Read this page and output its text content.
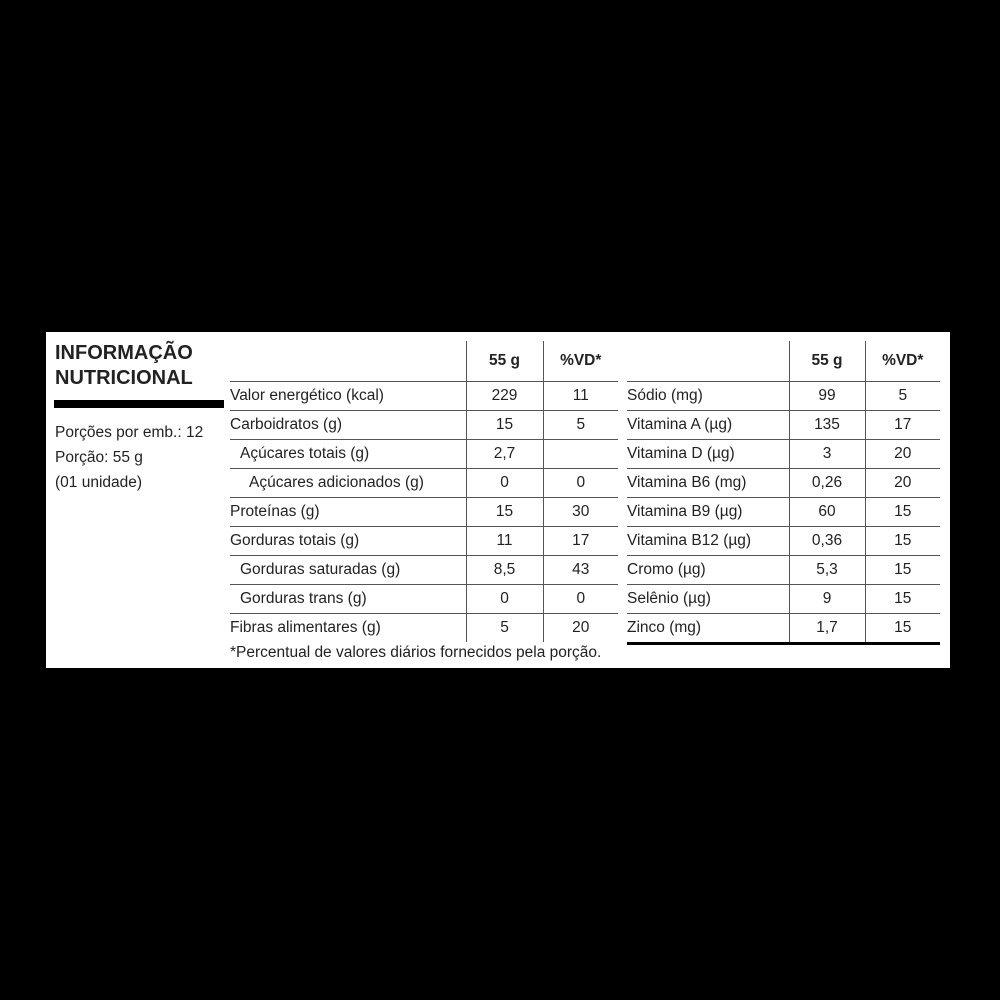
INFORMAÇÃO
NUTRICIONAL
Porções por emb.: 12
Porção: 55 g
(01 unidade)
	55 g	%VD*
Valor energético (kcal)	229	11
Carboidratos (g)	15	5
Açúcares totais (g)	2,7	
Açúcares adicionados (g)	0	0
Proteínas (g)	15	30
Gorduras totais (g)	11	17
Gorduras saturadas (g)	8,5	43
Gorduras trans (g)	0	0
Fibras alimentares (g)	5	20
	55 g	%VD*
Sódio (mg)	99	5
Vitamina A (µg)	135	17
Vitamina D (µg)	3	20
Vitamina B6 (mg)	0,26	20
Vitamina B9 (µg)	60	15
Vitamina B12 (µg)	0,36	15
Cromo (µg)	5,3	15
Selênio (µg)	9	15
Zinco (mg)	1,7	15
*Percentual de valores diários fornecidos pela porção.
